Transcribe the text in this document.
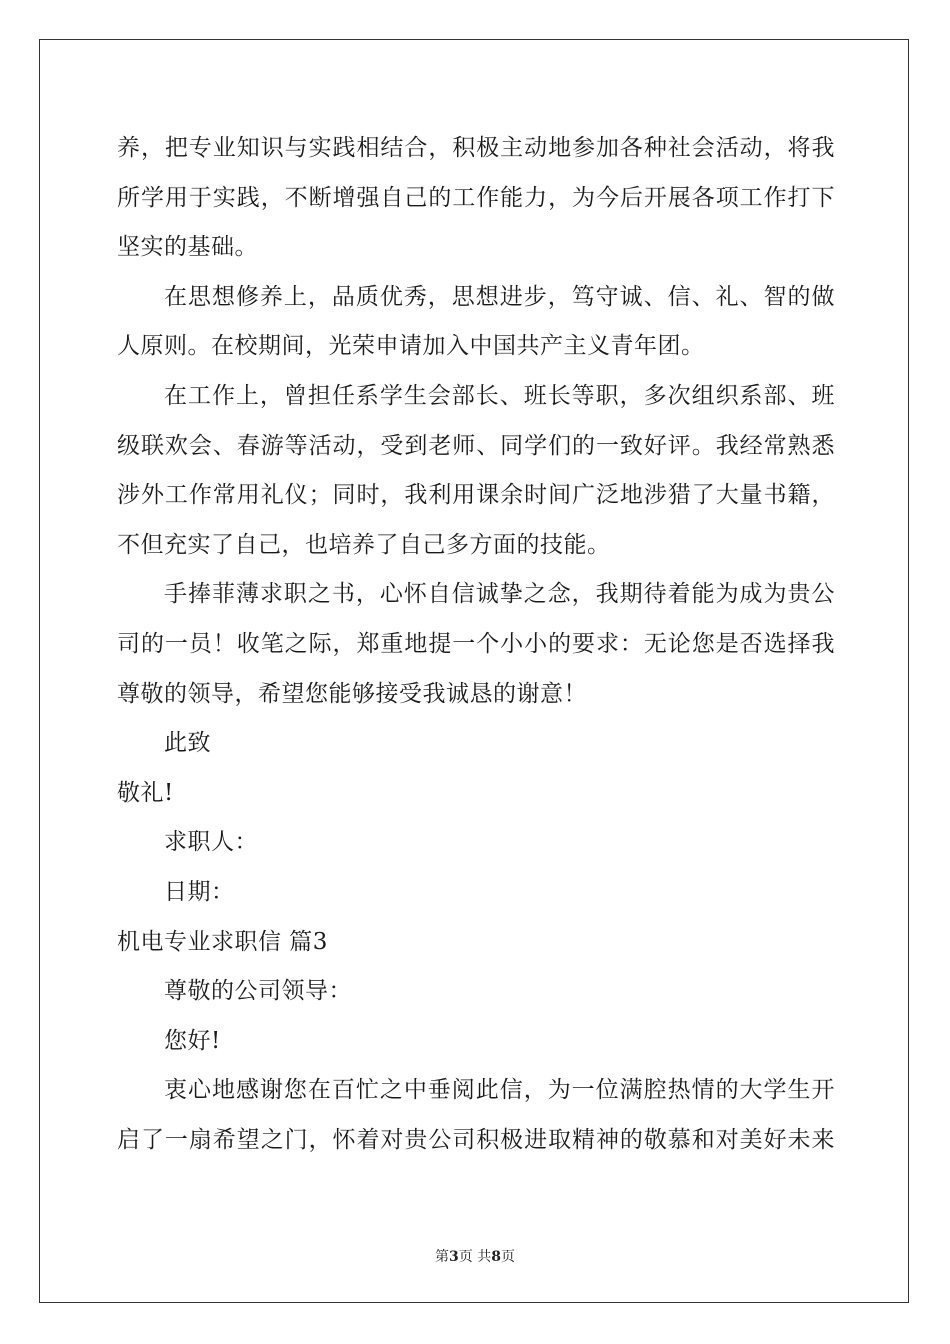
养，把专业知识与实践相结合，积极主动地参加各种社会活动，将我
所学用于实践，不断增强自己的工作能力，为今后开展各项工作打下
坚实的基础。
在思想修养上，品质优秀，思想进步，笃守诚、信、礼、智的做
人原则。在校期间，光荣申请加入中国共产主义青年团。
在工作上，曾担任系学生会部长、班长等职，多次组织系部、班
级联欢会、春游等活动，受到老师、同学们的一致好评。我经常熟悉
涉外工作常用礼仪；同时，我利用课余时间广泛地涉猎了大量书籍，
不但充实了自己，也培养了自己多方面的技能。
手捧菲薄求职之书，心怀自信诚挚之念，我期待着能为成为贵公
司的一员！收笔之际，郑重地提一个小小的要求：无论您是否选择我
尊敬的领导，希望您能够接受我诚恳的谢意！
此致
敬礼!
求职人：
日期：
机电专业求职信 篇3
尊敬的公司领导：
您好!
衷心地感谢您在百忙之中垂阅此信，为一位满腔热情的大学生开
启了一扇希望之门，怀着对贵公司积极进取精神的敬慕和对美好未来
第3页 共8页
